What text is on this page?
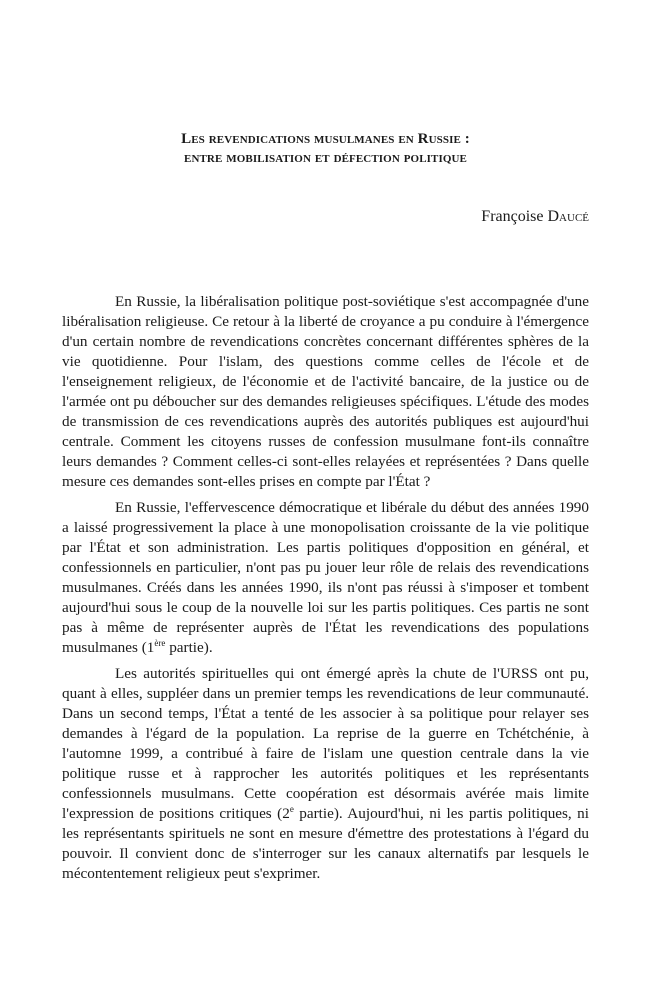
Les revendications musulmanes en Russie :
entre mobilisation et défection politique
Françoise Daucé

En Russie, la libéralisation politique post-soviétique s'est accompagnée d'une libéralisation religieuse. Ce retour à la liberté de croyance a pu conduire à l'émergence d'un certain nombre de revendications concrètes concernant différentes sphères de la vie quotidienne. Pour l'islam, des questions comme celles de l'école et de l'enseignement religieux, de l'économie et de l'activité bancaire, de la justice ou de l'armée ont pu déboucher sur des demandes religieuses spécifiques. L'étude des modes de transmission de ces revendications auprès des autorités publiques est aujourd'hui centrale. Comment les citoyens russes de confession musulmane font-ils connaître leurs demandes ? Comment celles-ci sont-elles relayées et représentées ? Dans quelle mesure ces demandes sont-elles prises en compte par l'État ?

En Russie, l'effervescence démocratique et libérale du début des années 1990 a laissé progressivement la place à une monopolisation croissante de la vie politique par l'État et son administration. Les partis politiques d'opposition en général, et confessionnels en particulier, n'ont pas pu jouer leur rôle de relais des revendications musulmanes. Créés dans les années 1990, ils n'ont pas réussi à s'imposer et tombent aujourd'hui sous le coup de la nouvelle loi sur les partis politiques. Ces partis ne sont pas à même de représenter auprès de l'État les revendications des populations musulmanes (1ère partie).

Les autorités spirituelles qui ont émergé après la chute de l'URSS ont pu, quant à elles, suppléer dans un premier temps les revendications de leur communauté. Dans un second temps, l'État a tenté de les associer à sa politique pour relayer ses demandes à l'égard de la population. La reprise de la guerre en Tchétchénie, à l'automne 1999, a contribué à faire de l'islam une question centrale dans la vie politique russe et à rapprocher les autorités politiques et les représentants confessionnels musulmans. Cette coopération est désormais avérée mais limite l'expression de positions critiques (2e partie). Aujourd'hui, ni les partis politiques, ni les représentants spirituels ne sont en mesure d'émettre des protestations à l'égard du pouvoir. Il convient donc de s'interroger sur les canaux alternatifs par lesquels le mécontentement religieux peut s'exprimer.
